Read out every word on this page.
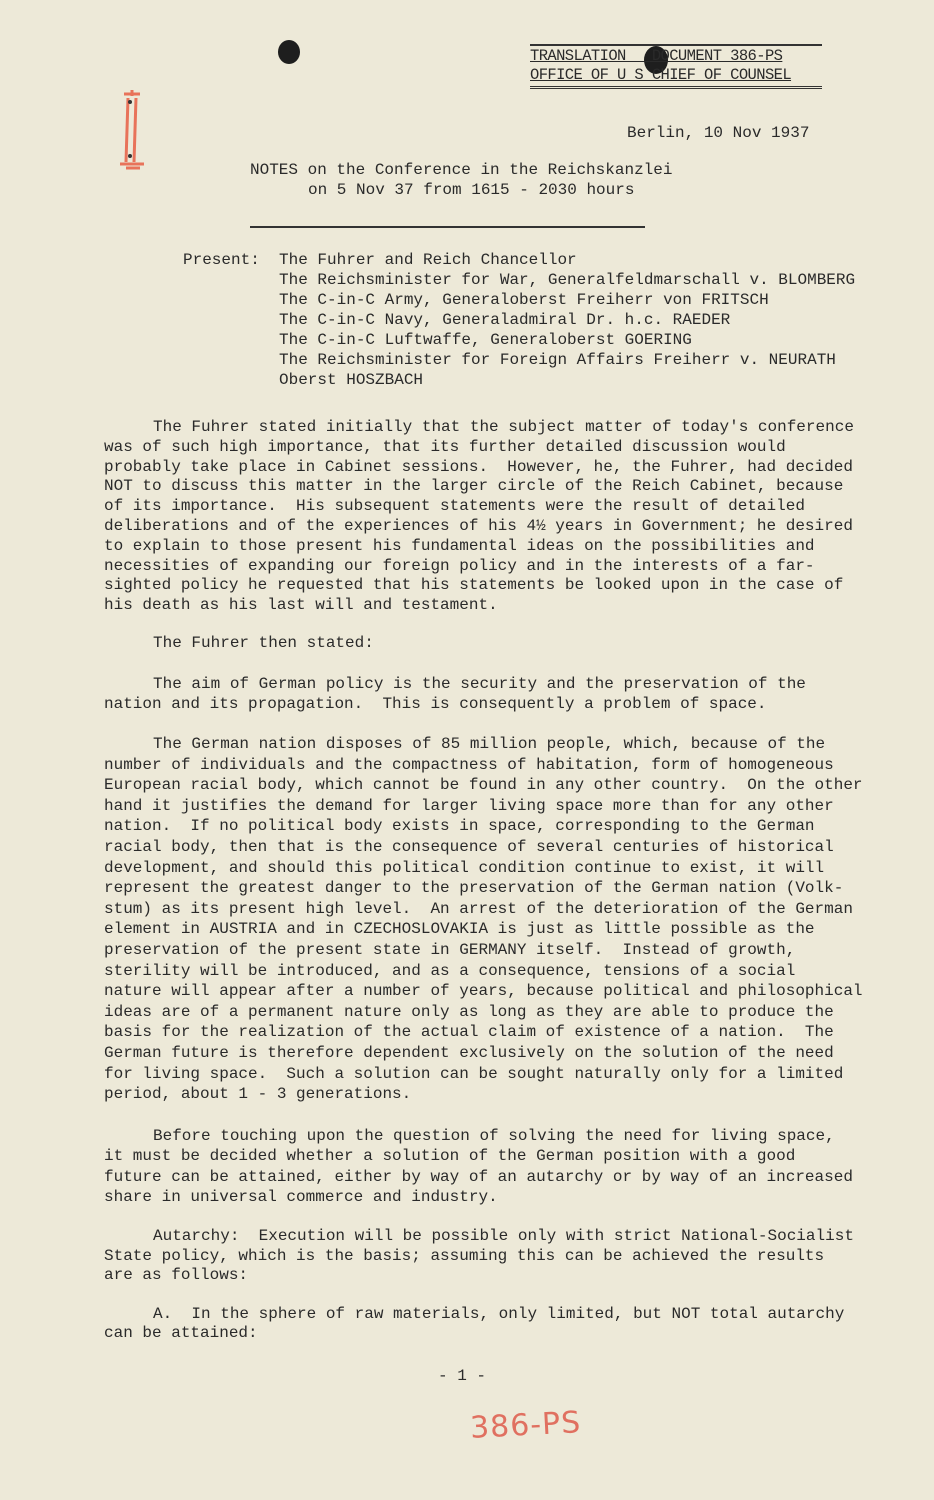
TRANSLATION   DOCUMENT 386-PS
OFFICE OF U S CHIEF OF COUNSEL
Berlin, 10 Nov 1937
NOTES on the Conference in the Reichskanzlei
on 5 Nov 37 from 1615 - 2030 hours
Present: The Fuhrer and Reich Chancellor
The Reichsminister for War, Generalfeldmarschall v. BLOMBERG
The C-in-C Army, Generaloberst Freiherr von FRITSCH
The C-in-C Navy, Generaladmiral Dr. h.c. RAEDER
The C-in-C Luftwaffe, Generaloberst GOERING
The Reichsminister for Foreign Affairs Freiherr v. NEURATH
Oberst HOSZBACH
The Fuhrer stated initially that the subject matter of today's conference
was of such high importance, that its further detailed discussion would
probably take place in Cabinet sessions.  However, he, the Fuhrer, had decided
NOT to discuss this matter in the larger circle of the Reich Cabinet, because
of its importance.  His subsequent statements were the result of detailed
deliberations and of the experiences of his 4½ years in Government; he desired
to explain to those present his fundamental ideas on the possibilities and
necessities of expanding our foreign policy and in the interests of a far-
sighted policy he requested that his statements be looked upon in the case of
his death as his last will and testament.
The Fuhrer then stated:
The aim of German policy is the security and the preservation of the
nation and its propagation.  This is consequently a problem of space.
The German nation disposes of 85 million people, which, because of the
number of individuals and the compactness of habitation, form of homogeneous
European racial body, which cannot be found in any other country.  On the other
hand it justifies the demand for larger living space more than for any other
nation.  If no political body exists in space, corresponding to the German
racial body, then that is the consequence of several centuries of historical
development, and should this political condition continue to exist, it will
represent the greatest danger to the preservation of the German nation (Volk-
stum) as its present high level.  An arrest of the deterioration of the German
element in AUSTRIA and in CZECHOSLOVAKIA is just as little possible as the
preservation of the present state in GERMANY itself.  Instead of growth,
sterility will be introduced, and as a consequence, tensions of a social
nature will appear after a number of years, because political and philosophical
ideas are of a permanent nature only as long as they are able to produce the
basis for the realization of the actual claim of existence of a nation.  The
German future is therefore dependent exclusively on the solution of the need
for living space.  Such a solution can be sought naturally only for a limited
period, about 1 - 3 generations.
Before touching upon the question of solving the need for living space,
it must be decided whether a solution of the German position with a good
future can be attained, either by way of an autarchy or by way of an increased
share in universal commerce and industry.
Autarchy:  Execution will be possible only with strict National-Socialist
State policy, which is the basis; assuming this can be achieved the results
are as follows:
A.  In the sphere of raw materials, only limited, but NOT total autarchy
can be attained:
- 1 -
386-PS
